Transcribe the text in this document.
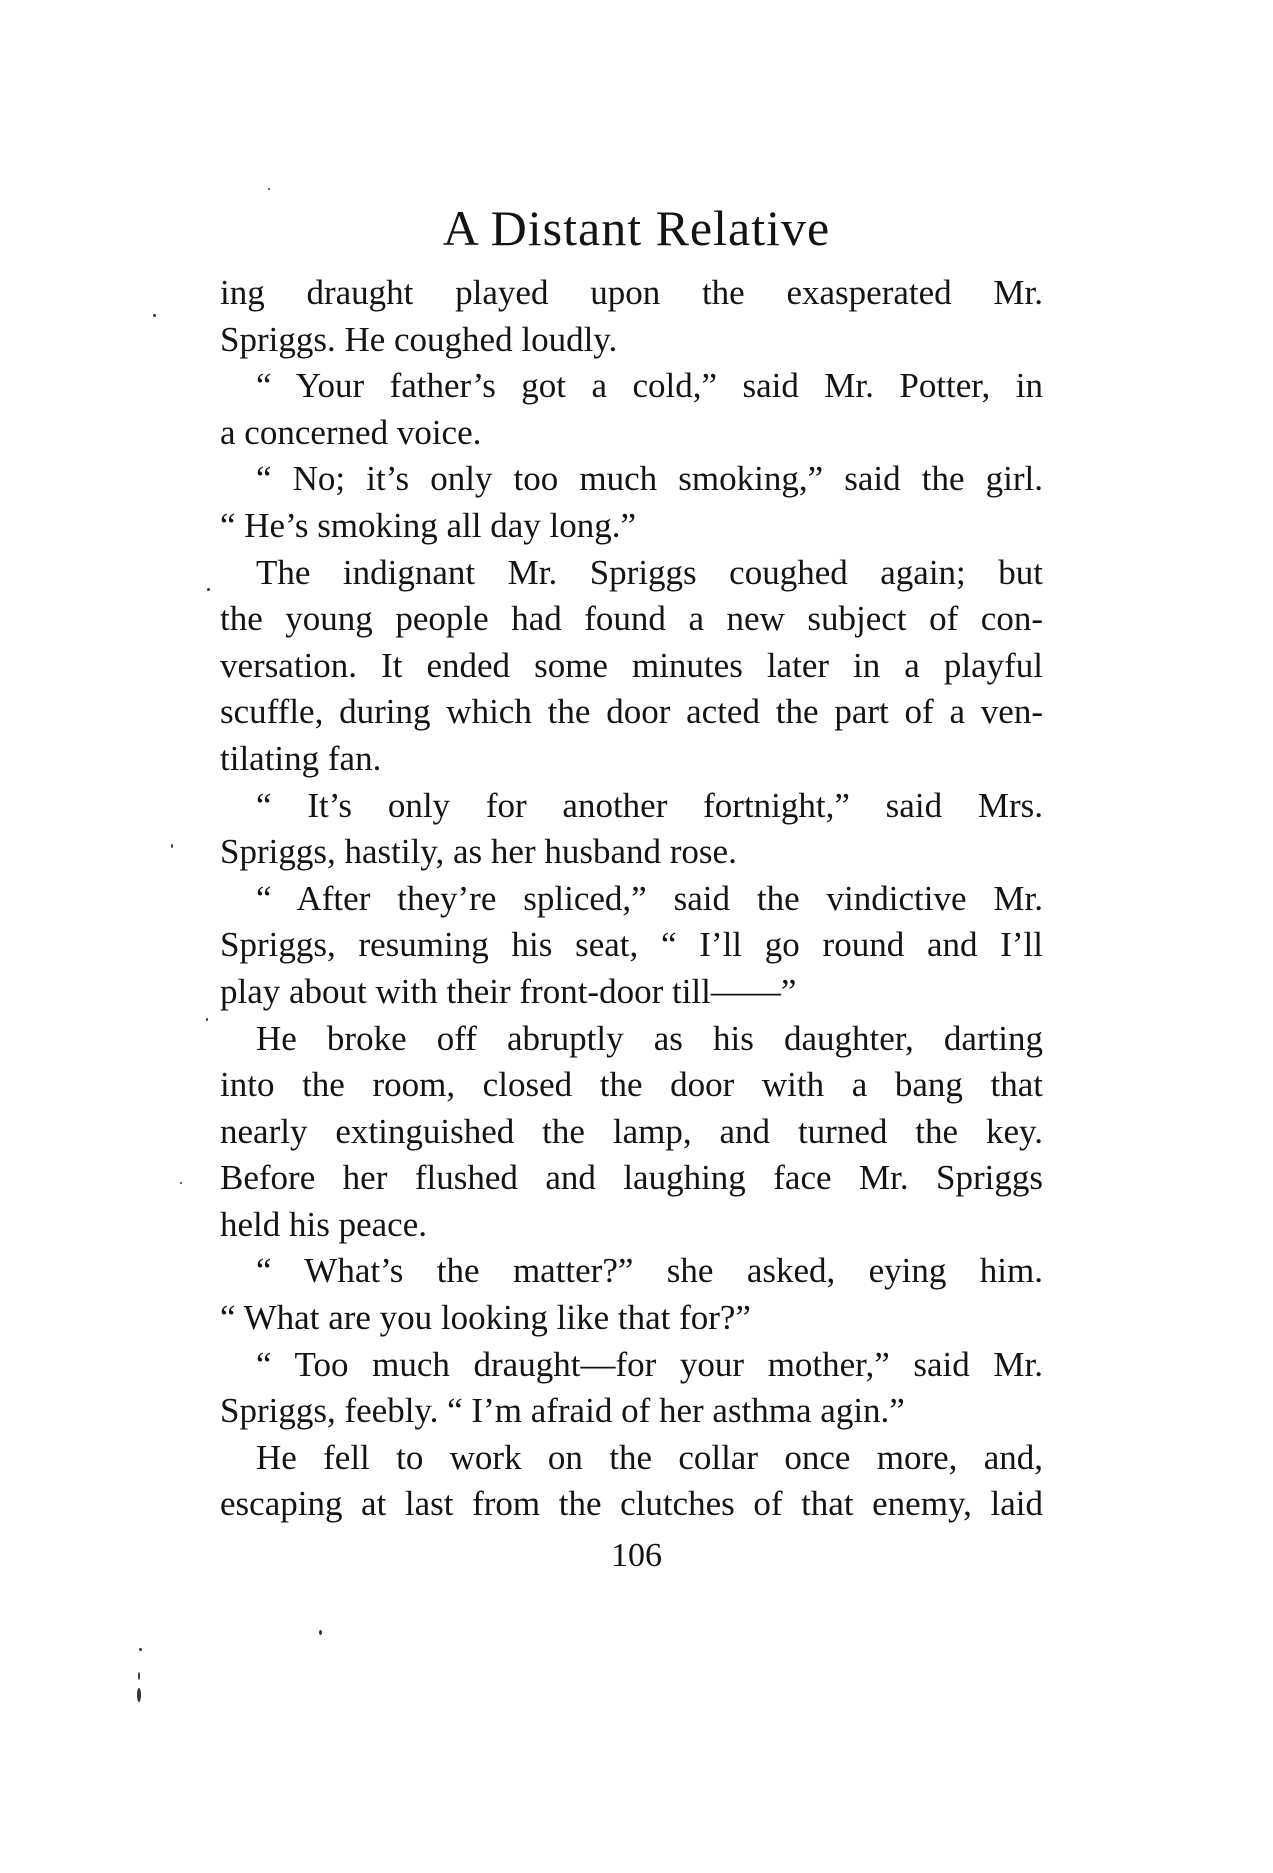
A Distant Relative
ing draught played upon the exasperated Mr.
Spriggs. He coughed loudly.
“ Your father’s got a cold,” said Mr. Potter, in
a concerned voice.
“ No; it’s only too much smoking,” said the girl.
“ He’s smoking all day long.”
The indignant Mr. Spriggs coughed again; but
the young people had found a new subject of con-
versation. It ended some minutes later in a playful
scuffle, during which the door acted the part of a ven-
tilating fan.
“ It’s only for another fortnight,” said Mrs.
Spriggs, hastily, as her husband rose.
“ After they’re spliced,” said the vindictive Mr.
Spriggs, resuming his seat, “ I’ll go round and I’ll
play about with their front-door till——”
He broke off abruptly as his daughter, darting
into the room, closed the door with a bang that
nearly extinguished the lamp, and turned the key.
Before her flushed and laughing face Mr. Spriggs
held his peace.
“ What’s the matter?” she asked, eying him.
“ What are you looking like that for?”
“ Too much draught—for your mother,” said Mr.
Spriggs, feebly. “ I’m afraid of her asthma agin.”
He fell to work on the collar once more, and,
escaping at last from the clutches of that enemy, laid
106
